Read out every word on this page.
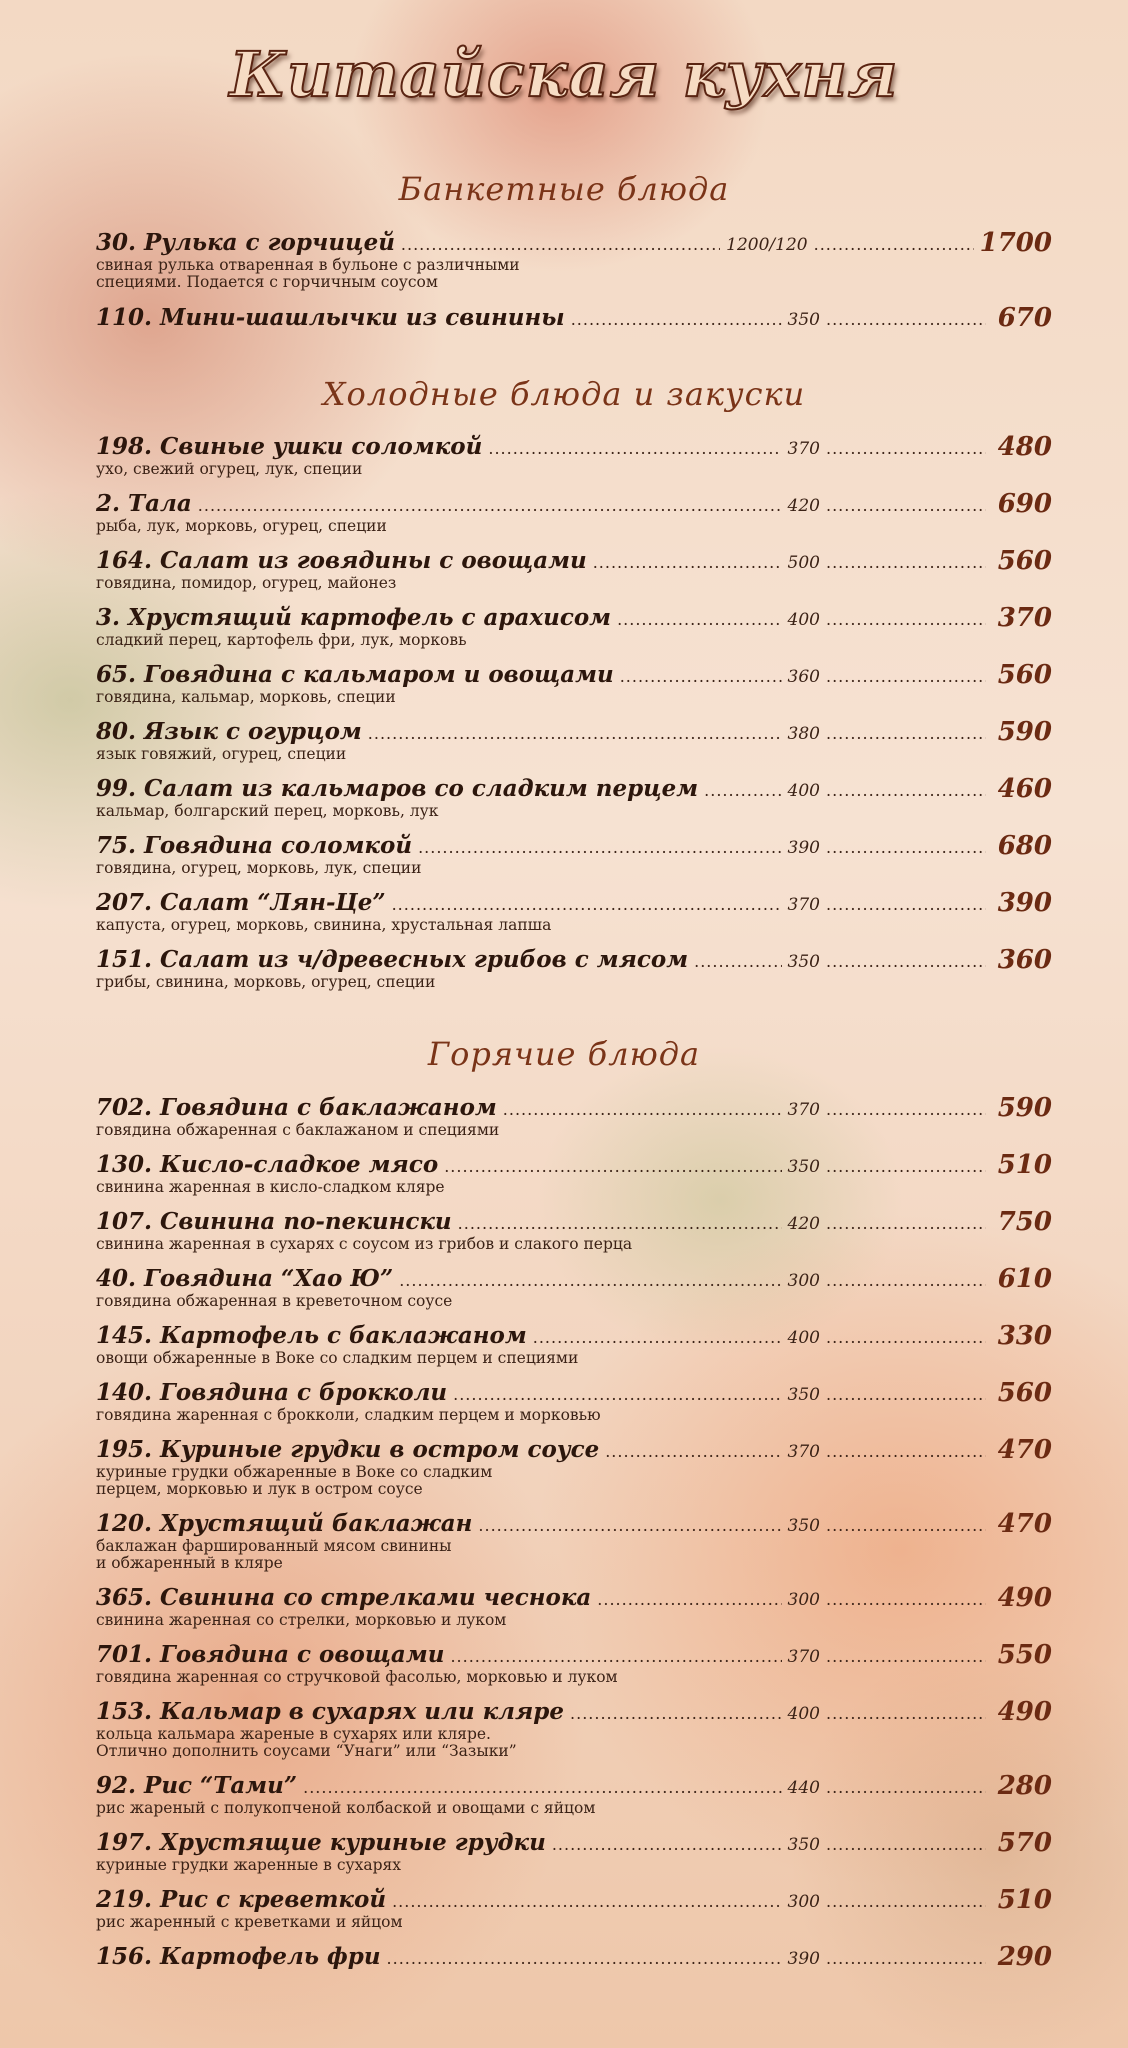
Китайская кухня
Банкетные блюда
30. Рулька с горчицей .....	1200/120 .....	1700
свиная рулька отваренная в бульоне с различными
специями. Подается с горчичным соусом
110. Мини-шашлычки из свинины .....	350 .....	670
Холодные блюда и закуски
198. Свиные ушки соломкой .....	370 .....	480
ухо, свежий огурец, лук, специи
2. Тала .....	420 .....	690
рыба, лук, морковь, огурец, специи
164. Салат из говядины с овощами .....	500 .....	560
говядина, помидор, огурец, майонез
3. Хрустящий картофель с арахисом .....	400 .....	370
сладкий перец, картофель фри, лук, морковь
65. Говядина с кальмаром и овощами .....	360 .....	560
говядина, кальмар, морковь, специи
80. Язык с огурцом .....	380 .....	590
язык говяжий, огурец, специи
99. Салат из кальмаров со сладким перцем .....	400 .....	460
кальмар, болгарский перец, морковь, лук
75. Говядина соломкой .....	390 .....	680
говядина, огурец, морковь, лук, специи
207. Салат “Лян-Це” .....	370 .....	390
капуста, огурец, морковь, свинина, хрустальная лапша
151. Салат из ч/древесных грибов с мясом .....	350 .....	360
грибы, свинина, морковь, огурец, специи
Горячие блюда
702. Говядина с баклажаном .....	370 .....	590
говядина обжаренная с баклажаном и специями
130. Кисло-сладкое мясо .....	350 .....	510
свинина жаренная в кисло-сладком кляре
107. Свинина по-пекински .....	420 .....	750
свинина жаренная в сухарях с соусом из грибов и слакого перца
40. Говядина “Хао Ю” .....	300 .....	610
говядина обжаренная в креветочном соусе
145. Картофель с баклажаном .....	400 .....	330
овощи обжаренные в Воке со сладким перцем и специями
140. Говядина с брокколи .....	350 .....	560
говядина жаренная с брокколи, сладким перцем и морковью
195. Куриные грудки в остром соусе .....	370 .....	470
куриные грудки обжаренные в Воке со сладким
перцем, морковью и лук в остром соусе
120. Хрустящий баклажан .....	350 .....	470
баклажан фаршированный мясом свинины
и обжаренный в кляре
365. Свинина со стрелками чеснока .....	300 .....	490
свинина жаренная со стрелки, морковью и луком
701. Говядина с овощами .....	370 .....	550
говядина жаренная со стручковой фасолью, морковью и луком
153. Кальмар в сухарях или кляре .....	400 .....	490
кольца кальмара жареные в сухарях или кляре.
Отлично дополнить соусами “Унаги” или “Зазыки”
92. Рис “Тами” .....	440 .....	280
рис жареный с полукопченой колбаской и овощами с яйцом
197. Хрустящие куриные грудки .....	350 .....	570
куриные грудки жаренные в сухарях
219. Рис с креветкой .....	300 .....	510
рис жаренный с креветками и яйцом
156. Картофель фри .....	390 .....	290
